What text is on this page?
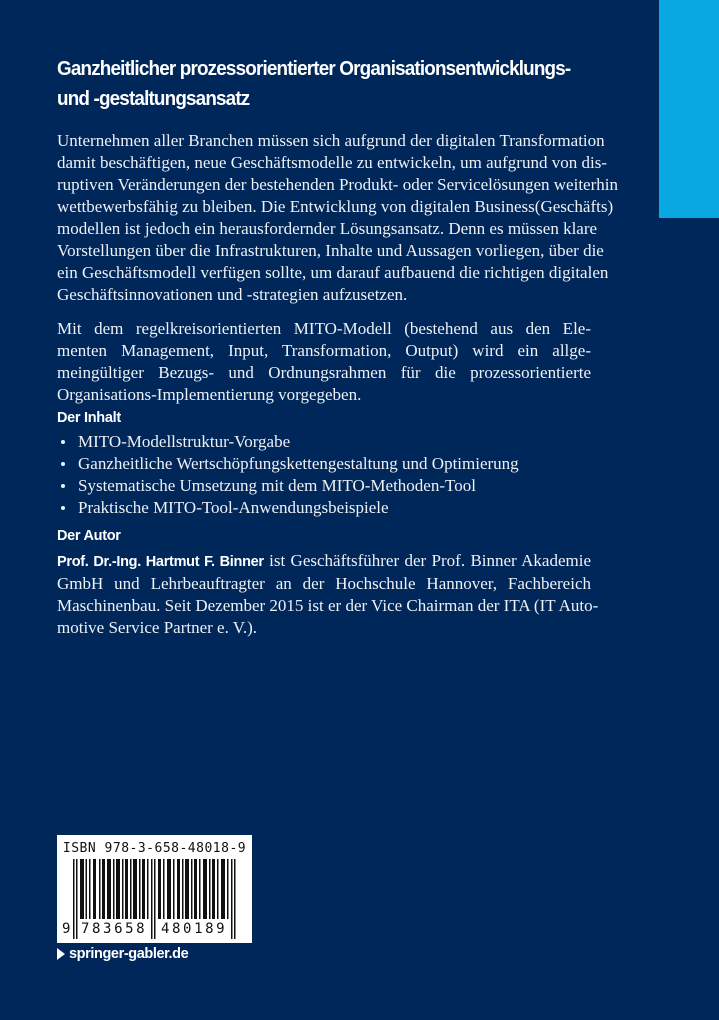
Ganzheitlicher prozessorientierter Organisationsentwicklungs-
und -gestaltungsansatz
Unternehmen aller Branchen müssen sich aufgrund der digitalen Transformation
damit beschäftigen, neue Geschäftsmodelle zu entwickeln, um aufgrund von dis-
ruptiven Veränderungen der bestehenden Produkt- oder Servicelösungen weiterhin
wettbewerbsfähig zu bleiben. Die Entwicklung von digitalen Business(Geschäfts)
modellen ist jedoch ein herausfordernder Lösungsansatz. Denn es müssen klare
Vorstellungen über die Infrastrukturen, Inhalte und Aussagen vorliegen, über die
ein Geschäftsmodell verfügen sollte, um darauf aufbauend die richtigen digitalen
Geschäftsinnovationen und -strategien aufzusetzen.
Mit dem regelkreisorientierten MITO-Modell (bestehend aus den Ele-
menten Management, Input, Transformation, Output) wird ein allge-
meingültiger Bezugs- und Ordnungsrahmen für die prozessorientierte
Organisations-Implementierung vorgegeben.
Der Inhalt
MITO-Modellstruktur-Vorgabe
Ganzheitliche Wertschöpfungskettengestaltung und Optimierung
Systematische Umsetzung mit dem MITO-Methoden-Tool
Praktische MITO-Tool-Anwendungsbeispiele
Der Autor
Prof. Dr.-Ing. Hartmut F. Binner ist Geschäftsführer der Prof. Binner Akademie
GmbH und Lehrbeauftragter an der Hochschule Hannover, Fachbereich
Maschinenbau. Seit Dezember 2015 ist er der Vice Chairman der ITA (IT Auto-
motive Service Partner e. V.).
ISBN 978-3-658-48018-9
9 783658 480189
springer-gabler.de
